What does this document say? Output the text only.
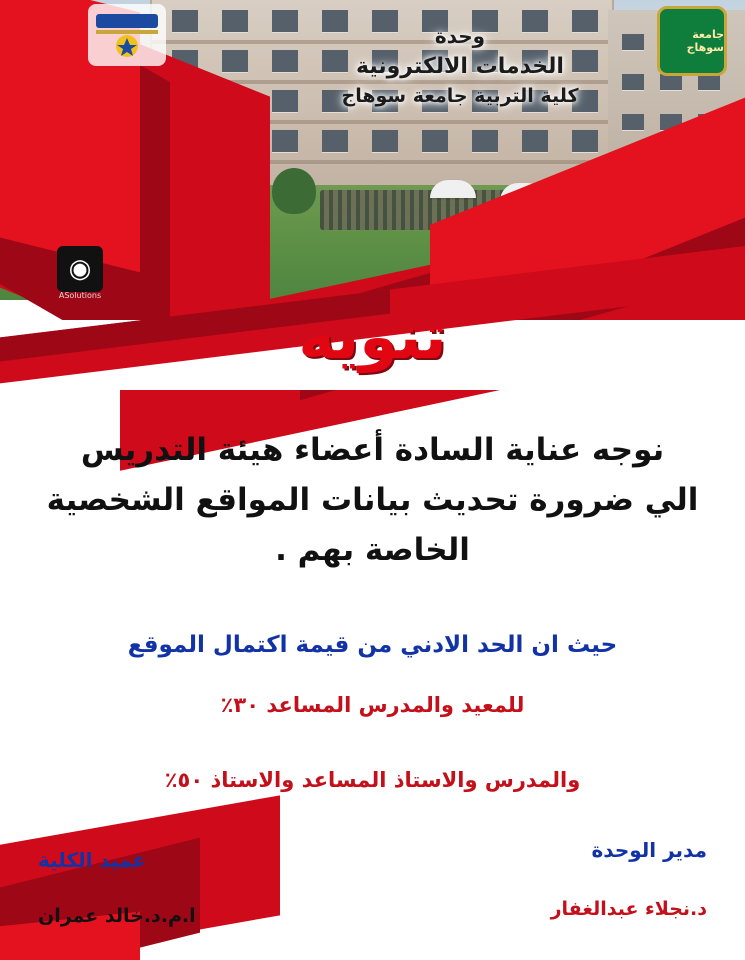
جامعة سوهاج
◉
ASolutions
وحدة
الخدمات الالكترونية
كلية التربية جامعة سوهاج
تنويه
نوجه عناية السادة أعضاء هيئة التدريس
الي ضرورة تحديث بيانات المواقع الشخصية
الخاصة بهم .
حيث ان الحد الادني من قيمة اكتمال الموقع
للمعيد والمدرس المساعد ٣٠٪
والمدرس والاستاذ المساعد والاستاذ ٥٠٪
مدير الوحدة
د.نجلاء عبدالغفار
عميد الكلية
ا.م.د.خالد عمران
